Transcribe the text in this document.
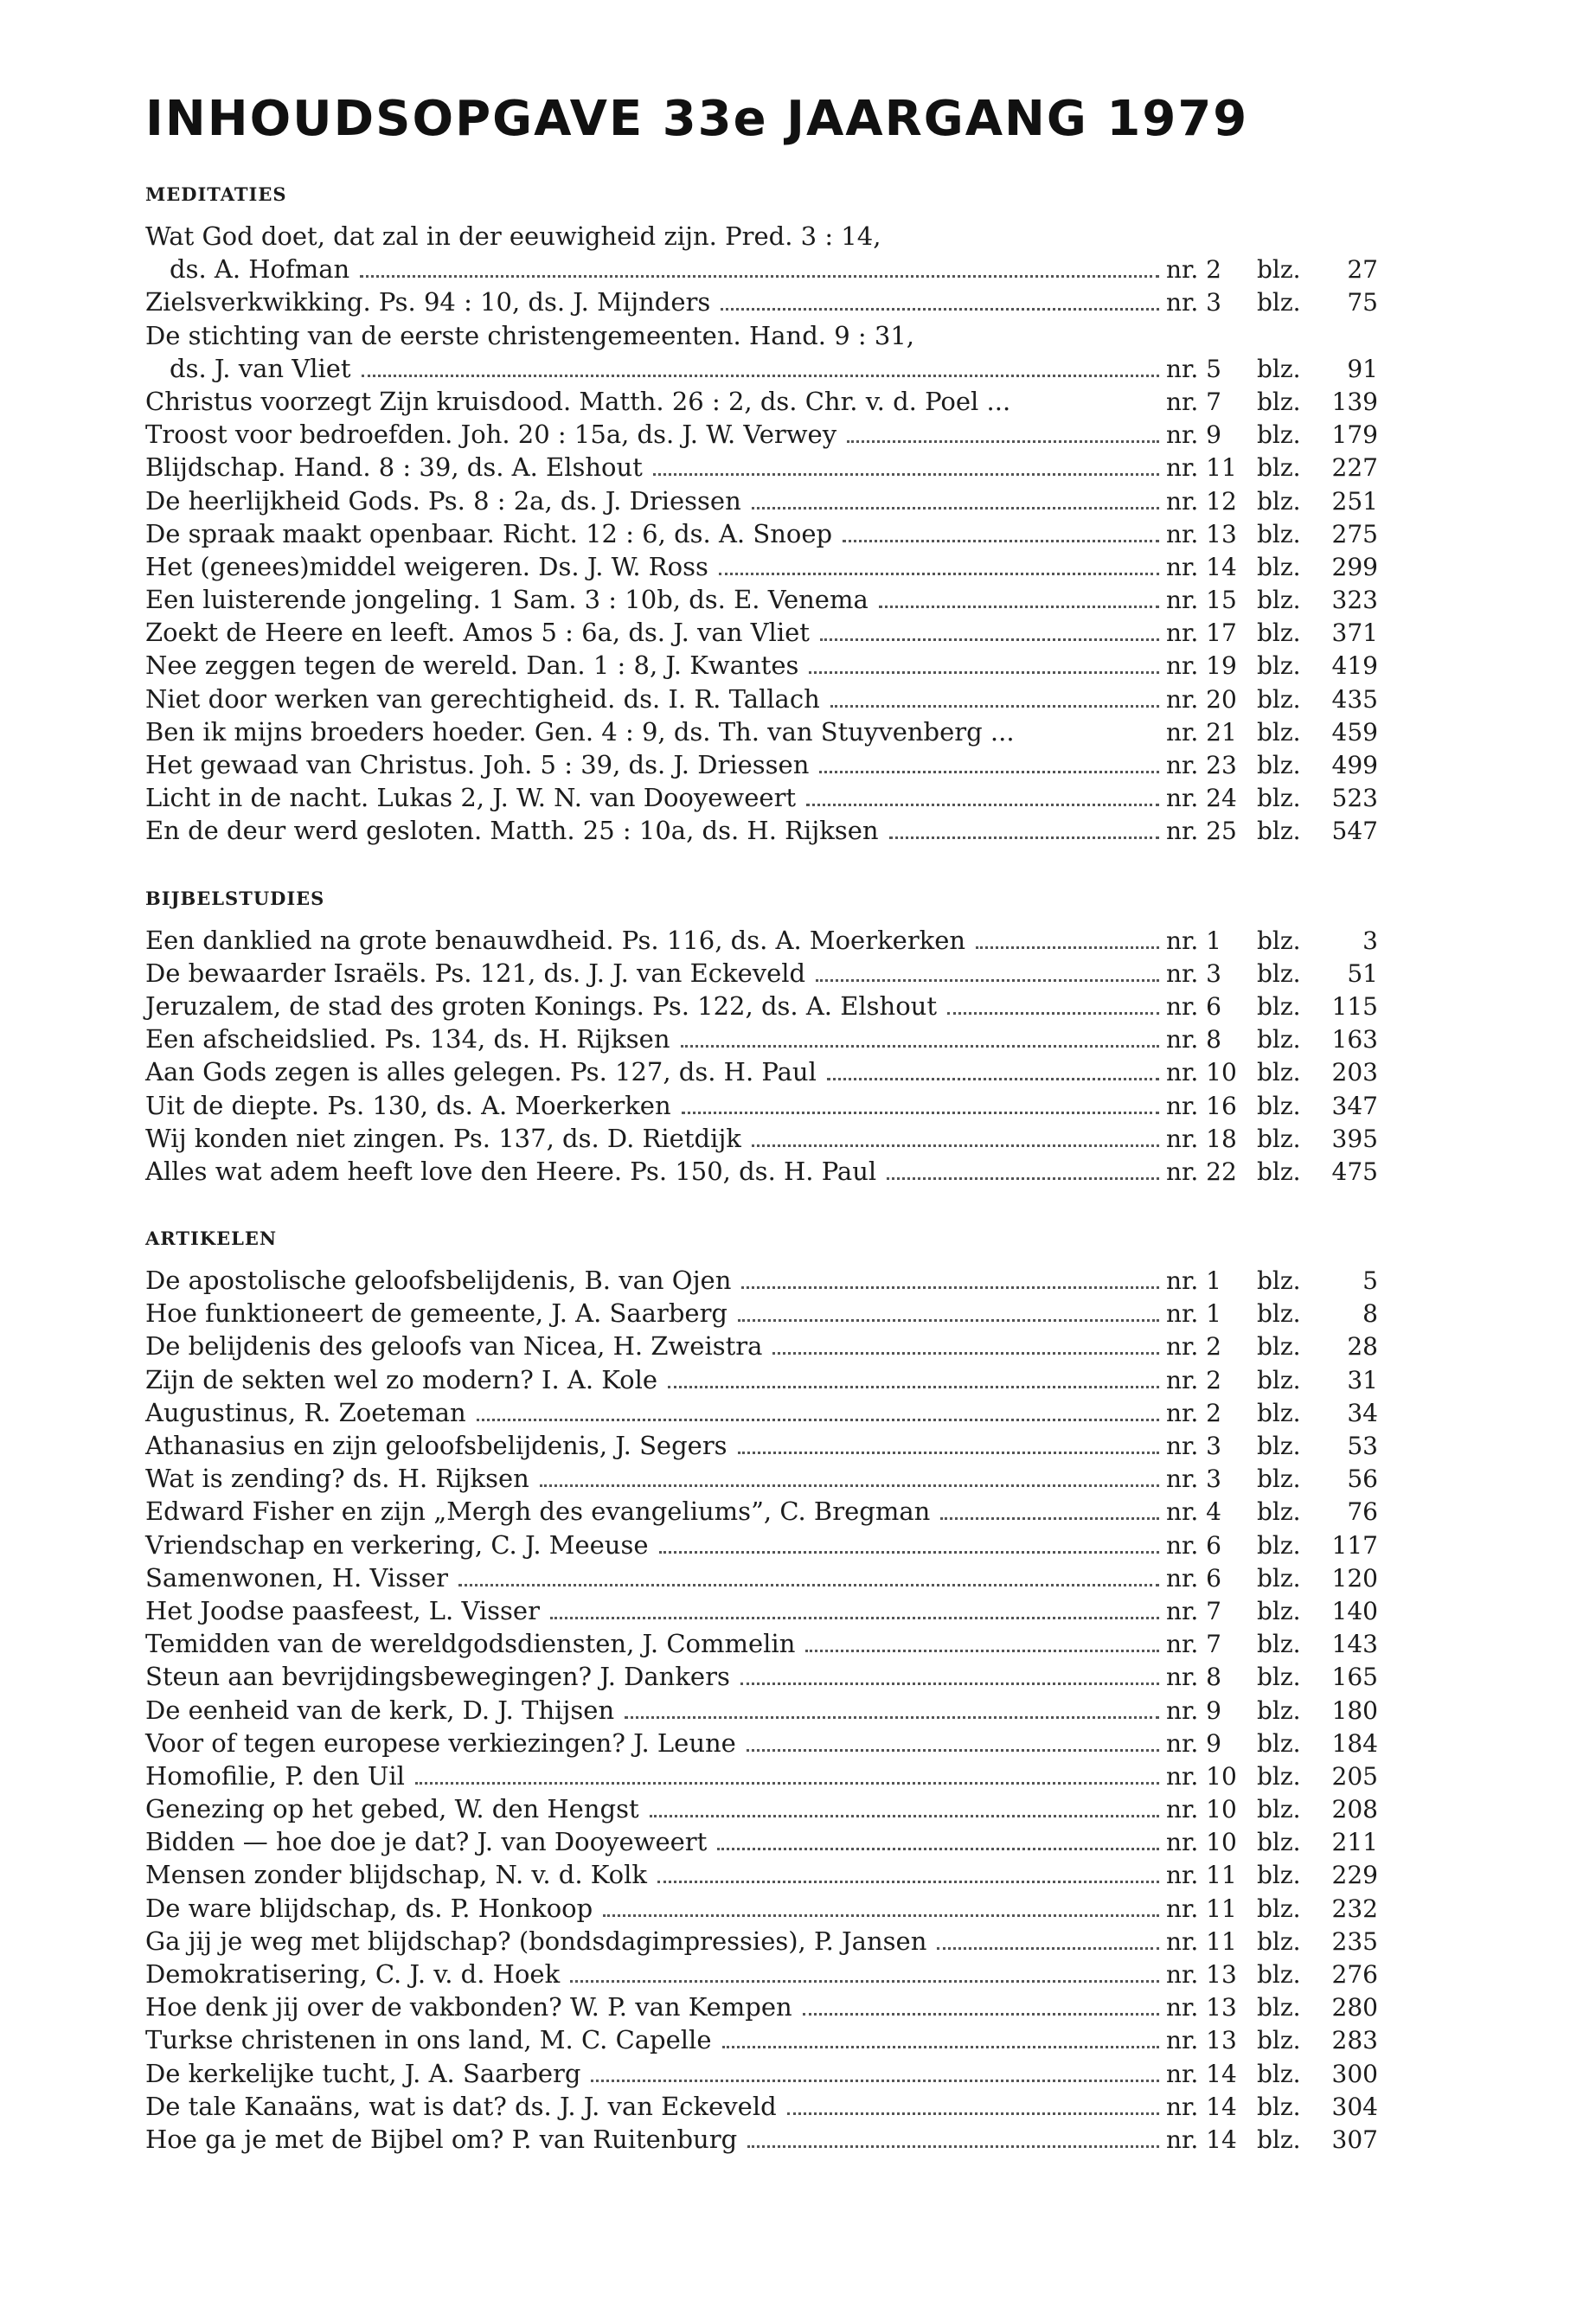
INHOUDSOPGAVE 33e JAARGANG 1979
MEDITATIES
Wat God doet, dat zal in der eeuwigheid zijn. Pred. 3 : 14,
ds. A. Hofman	nr. 2	blz.	27
Zielsverkwikking. Ps. 94 : 10, ds. J. Mijnders	nr. 3	blz.	75
De stichting van de eerste christengemeenten. Hand. 9 : 31,
ds. J. van Vliet	nr. 5	blz.	91
Christus voorzegt Zijn kruisdood. Matth. 26 : 2, ds. Chr. v. d. Poel ...	nr. 7	blz.	139
Troost voor bedroefden. Joh. 20 : 15a, ds. J. W. Verwey	nr. 9	blz.	179
Blijdschap. Hand. 8 : 39, ds. A. Elshout	nr. 11 blz.	227
De heerlijkheid Gods. Ps. 8 : 2a, ds. J. Driessen	nr. 12 blz.	251
De spraak maakt openbaar. Richt. 12 : 6, ds. A. Snoep	nr. 13 blz.	275
Het (genees)middel weigeren. Ds. J. W. Ross	nr. 14 blz.	299
Een luisterende jongeling. 1 Sam. 3 : 10b, ds. E. Venema	nr. 15 blz.	323
Zoekt de Heere en leeft. Amos 5 : 6a, ds. J. van Vliet	nr. 17 blz.	371
Nee zeggen tegen de wereld. Dan. 1 : 8, J. Kwantes	nr. 19 blz.	419
Niet door werken van gerechtigheid. ds. I. R. Tallach	nr. 20 blz.	435
Ben ik mijns broeders hoeder. Gen. 4 : 9, ds. Th. van Stuyvenberg ...	nr. 21 blz.	459
Het gewaad van Christus. Joh. 5 : 39, ds. J. Driessen	nr. 23 blz.	499
Licht in de nacht. Lukas 2, J. W. N. van Dooyeweert	nr. 24 blz.	523
En de deur werd gesloten. Matth. 25 : 10a, ds. H. Rijksen	nr. 25 blz.	547
BIJBELSTUDIES
Een danklied na grote benauwdheid. Ps. 116, ds. A. Moerkerken	nr. 1	blz.	3
De bewaarder Israëls. Ps. 121, ds. J. J. van Eckeveld	nr. 3	blz.	51
Jeruzalem, de stad des groten Konings. Ps. 122, ds. A. Elshout	nr. 6	blz.	115
Een afscheidslied. Ps. 134, ds. H. Rijksen	nr. 8	blz.	163
Aan Gods zegen is alles gelegen. Ps. 127, ds. H. Paul	nr. 10 blz.	203
Uit de diepte. Ps. 130, ds. A. Moerkerken	nr. 16 blz.	347
Wij konden niet zingen. Ps. 137, ds. D. Rietdijk	nr. 18 blz.	395
Alles wat adem heeft love den Heere. Ps. 150, ds. H. Paul	nr. 22 blz.	475
ARTIKELEN
De apostolische geloofsbelijdenis, B. van Ojen	nr. 1	blz.	5
Hoe funktioneert de gemeente, J. A. Saarberg	nr. 1	blz.	8
De belijdenis des geloofs van Nicea, H. Zweistra	nr. 2	blz.	28
Zijn de sekten wel zo modern? I. A. Kole	nr. 2	blz.	31
Augustinus, R. Zoeteman	nr. 2	blz.	34
Athanasius en zijn geloofsbelijdenis, J. Segers	nr. 3	blz.	53
Wat is zending? ds. H. Rijksen	nr. 3	blz.	56
Edward Fisher en zijn „Mergh des evangeliums”, C. Bregman	nr. 4	blz.	76
Vriendschap en verkering, C. J. Meeuse	nr. 6	blz.	117
Samenwonen, H. Visser	nr. 6	blz.	120
Het Joodse paasfeest, L. Visser	nr. 7	blz.	140
Temidden van de wereldgodsdiensten, J. Commelin	nr. 7	blz.	143
Steun aan bevrijdingsbewegingen? J. Dankers	nr. 8	blz.	165
De eenheid van de kerk, D. J. Thijsen	nr. 9	blz.	180
Voor of tegen europese verkiezingen? J. Leune	nr. 9	blz.	184
Homofilie, P. den Uil	nr. 10 blz.	205
Genezing op het gebed, W. den Hengst	nr. 10 blz.	208
Bidden — hoe doe je dat? J. van Dooyeweert	nr. 10 blz.	211
Mensen zonder blijdschap, N. v. d. Kolk	nr. 11 blz.	229
De ware blijdschap, ds. P. Honkoop	nr. 11 blz.	232
Ga jij je weg met blijdschap? (bondsdagimpressies), P. Jansen	nr. 11 blz.	235
Demokratisering, C. J. v. d. Hoek	nr. 13 blz.	276
Hoe denk jij over de vakbonden? W. P. van Kempen	nr. 13 blz.	280
Turkse christenen in ons land, M. C. Capelle	nr. 13 blz.	283
De kerkelijke tucht, J. A. Saarberg	nr. 14 blz.	300
De tale Kanaäns, wat is dat? ds. J. J. van Eckeveld	nr. 14 blz.	304
Hoe ga je met de Bijbel om? P. van Ruitenburg	nr. 14 blz.	307
